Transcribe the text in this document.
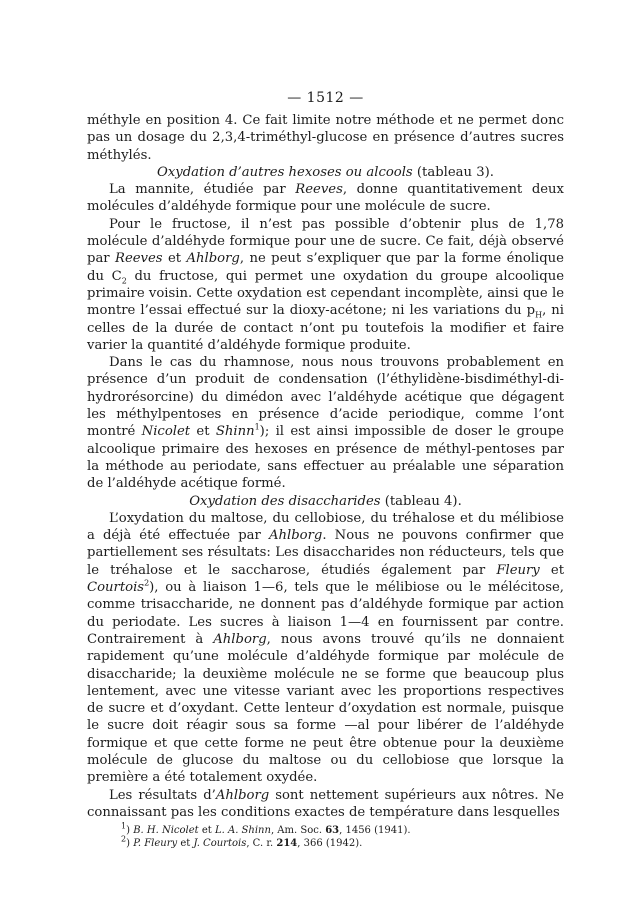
— 1512 —

méthyle en position 4. Ce fait limite notre méthode et ne permet donc pas un dosage du 2,3,4-triméthyl-glucose en présence d’autres sucres méthylés.

Oxydation d’autres hexoses ou alcools (tableau 3).

La mannite, étudiée par Reeves, donne quantitativement deux molécules d’aldéhyde formique pour une molécule de sucre.

Pour le fructose, il n’est pas possible d’obtenir plus de 1,78 molécule d’aldéhyde formique pour une de sucre. Ce fait, déjà observé par Reeves et Ahlborg, ne peut s’expliquer que par la forme énolique du $C_2$ du fructose, qui permet une oxydation du groupe alcoolique primaire voisin. Cette oxydation est cependant incomplète, ainsi que le montre l’essai effectué sur la dioxy-acétone; ni les variations du $p_H$, ni celles de la durée de contact n’ont pu toutefois la modifier et faire varier la quantité d’aldéhyde formique produite.

Dans le cas du rhamnose, nous nous trouvons probablement en présence d’un produit de condensation (l’éthylidène-bisdiméthyl-di-hydrorésorcine) du dimédon avec l’aldéhyde acétique que dégagent les méthylpentoses en présence d’acide periodique, comme l’ont montré Nicolet et Shinn$^1$); il est ainsi impossible de doser le groupe alcoolique primaire des hexoses en présence de méthyl-pentoses par la méthode au periodate, sans effectuer au préalable une séparation de l’aldéhyde acétique formé.

Oxydation des disaccharides (tableau 4).

L’oxydation du maltose, du cellobiose, du tréhalose et du mélibiose a déjà été effectuée par Ahlborg. Nous ne pouvons confirmer que partiellement ses résultats: Les disaccharides non réducteurs, tels que le tréhalose et le saccharose, étudiés également par Fleury et Courtois$^2$), ou à liaison 1—6, tels que le mélibiose ou le mélécitose, comme trisaccharide, ne donnent pas d’aldéhyde formique par action du periodate. Les sucres à liaison 1—4 en fournissent par contre. Contrairement à Ahlborg, nous avons trouvé qu’ils ne donnaient rapidement qu’une molécule d’aldéhyde formique par molécule de disaccharide; la deuxième molécule ne se forme que beaucoup plus lentement, avec une vitesse variant avec les proportions respectives de sucre et d’oxydant. Cette lenteur d’oxydation est normale, puisque le sucre doit réagir sous sa forme —al pour libérer de l’aldéhyde formique et que cette forme ne peut être obtenue pour la deuxième molécule de glucose du maltose ou du cellobiose que lorsque la première a été totalement oxydée.

Les résultats d’Ahlborg sont nettement supérieurs aux nôtres. Ne connaissant pas les conditions exactes de température dans lesquelles

$^1$) B. H. Nicolet et L. A. Shinn, Am. Soc. 63, 1456 (1941).

$^2$) P. Fleury et J. Courtois, C. r. 214, 366 (1942).
